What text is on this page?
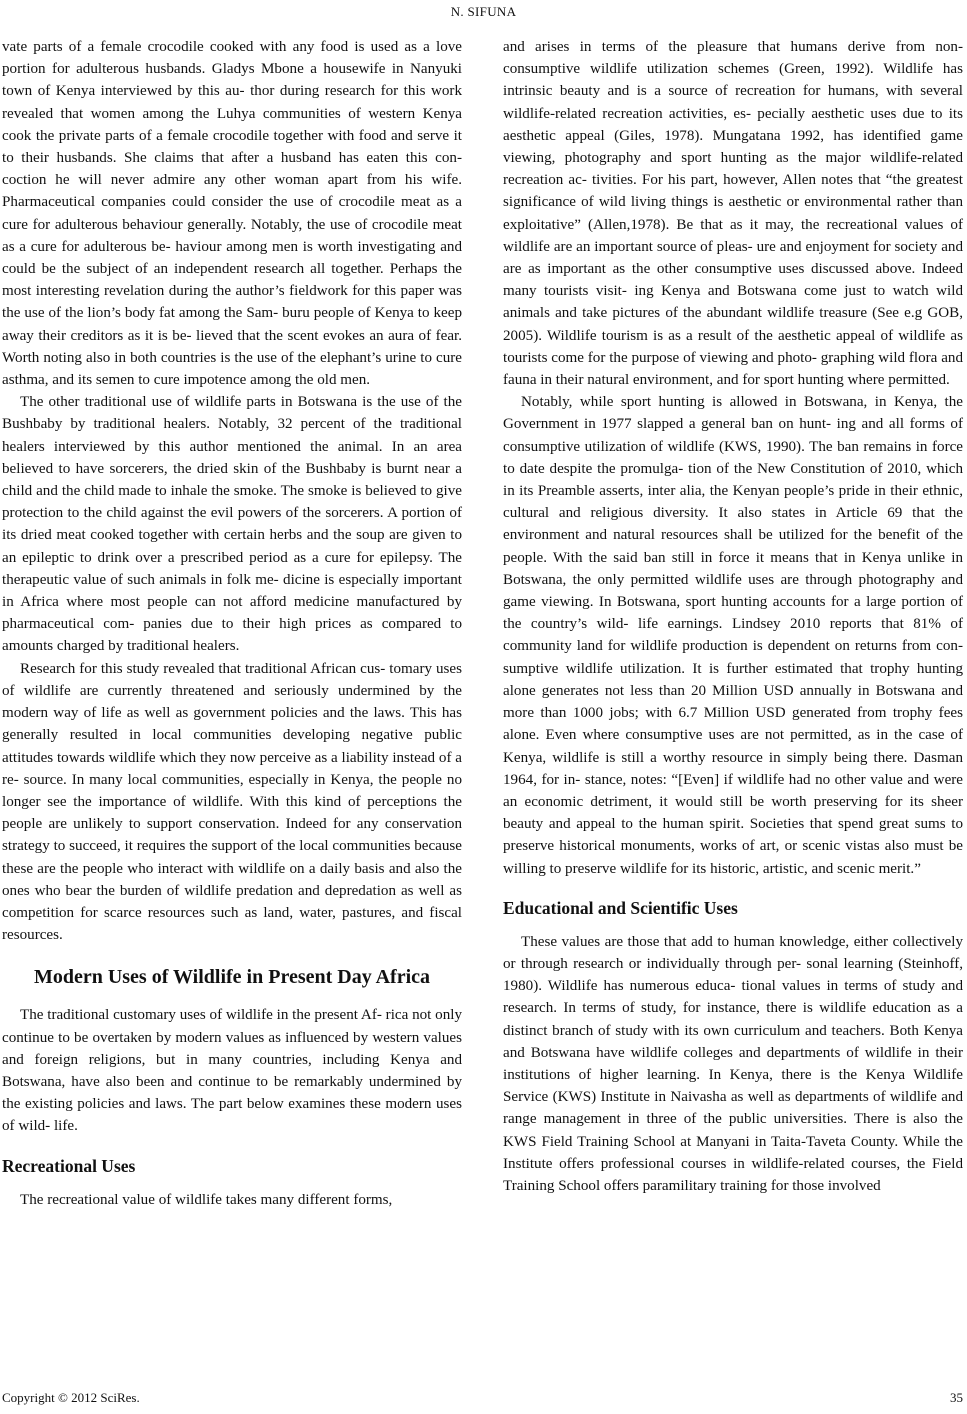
N. SIFUNA

vate parts of a female crocodile cooked with any food is used as a love portion for adulterous husbands. Gladys Mbone a housewife in Nanyuki town of Kenya interviewed by this au- thor during research for this work revealed that women among the Luhya communities of western Kenya cook the private parts of a female crocodile together with food and serve it to their husbands. She claims that after a husband has eaten this con- coction he will never admire any other woman apart from his wife. Pharmaceutical companies could consider the use of crocodile meat as a cure for adulterous behaviour generally. Notably, the use of crocodile meat as a cure for adulterous be- haviour among men is worth investigating and could be the subject of an independent research all together. Perhaps the most interesting revelation during the author’s fieldwork for this paper was the use of the lion’s body fat among the Sam- buru people of Kenya to keep away their creditors as it is be- lieved that the scent evokes an aura of fear. Worth noting also in both countries is the use of the elephant’s urine to cure asthma, and its semen to cure impotence among the old men.

The other traditional use of wildlife parts in Botswana is the use of the Bushbaby by traditional healers. Notably, 32 percent of the traditional healers interviewed by this author mentioned the animal. In an area believed to have sorcerers, the dried skin of the Bushbaby is burnt near a child and the child made to inhale the smoke. The smoke is believed to give protection to the child against the evil powers of the sorcerers. A portion of its dried meat cooked together with certain herbs and the soup are given to an epileptic to drink over a prescribed period as a cure for epilepsy. The therapeutic value of such animals in folk me- dicine is especially important in Africa where most people can not afford medicine manufactured by pharmaceutical com- panies due to their high prices as compared to amounts charged by traditional healers.

Research for this study revealed that traditional African cus- tomary uses of wildlife are currently threatened and seriously undermined by the modern way of life as well as government policies and the laws. This has generally resulted in local communities developing negative public attitudes towards wildlife which they now perceive as a liability instead of a re- source. In many local communities, especially in Kenya, the people no longer see the importance of wildlife. With this kind of perceptions the people are unlikely to support conservation. Indeed for any conservation strategy to succeed, it requires the support of the local communities because these are the people who interact with wildlife on a daily basis and also the ones who bear the burden of wildlife predation and depredation as well as competition for scarce resources such as land, water, pastures, and fiscal resources.

Modern Uses of Wildlife in Present Day Africa

The traditional customary uses of wildlife in the present Af- rica not only continue to be overtaken by modern values as influenced by western values and foreign religions, but in many countries, including Kenya and Botswana, have also been and continue to be remarkably undermined by the existing policies and laws. The part below examines these modern uses of wild- life.

Recreational Uses

The recreational value of wildlife takes many different forms,

and arises in terms of the pleasure that humans derive from non-consumptive wildlife utilization schemes (Green, 1992). Wildlife has intrinsic beauty and is a source of recreation for humans, with several wildlife-related recreation activities, es- pecially aesthetic uses due to its aesthetic appeal (Giles, 1978). Mungatana 1992, has identified game viewing, photography and sport hunting as the major wildlife-related recreation ac- tivities. For his part, however, Allen notes that “the greatest significance of wild living things is aesthetic or environmental rather than exploitative” (Allen,1978). Be that as it may, the recreational values of wildlife are an important source of pleas- ure and enjoyment for society and are as important as the other consumptive uses discussed above. Indeed many tourists visit- ing Kenya and Botswana come just to watch wild animals and take pictures of the abundant wildlife treasure (See e.g GOB, 2005). Wildlife tourism is as a result of the aesthetic appeal of wildlife as tourists come for the purpose of viewing and photo- graphing wild flora and fauna in their natural environment, and for sport hunting where permitted.

Notably, while sport hunting is allowed in Botswana, in Kenya, the Government in 1977 slapped a general ban on hunt- ing and all forms of consumptive utilization of wildlife (KWS, 1990). The ban remains in force to date despite the promulga- tion of the New Constitution of 2010, which in its Preamble asserts, inter alia, the Kenyan people’s pride in their ethnic, cultural and religious diversity. It also states in Article 69 that the environment and natural resources shall be utilized for the benefit of the people. With the said ban still in force it means that in Kenya unlike in Botswana, the only permitted wildlife uses are through photography and game viewing. In Botswana, sport hunting accounts for a large portion of the country’s wild- life earnings. Lindsey 2010 reports that 81% of community land for wildlife production is dependent on returns from con- sumptive wildlife utilization. It is further estimated that trophy hunting alone generates not less than 20 Million USD annually in Botswana and more than 1000 jobs; with 6.7 Million USD generated from trophy fees alone. Even where consumptive uses are not permitted, as in the case of Kenya, wildlife is still a worthy resource in simply being there. Dasman 1964, for in- stance, notes: “[Even] if wildlife had no other value and were an economic detriment, it would still be worth preserving for its sheer beauty and appeal to the human spirit. Societies that spend great sums to preserve historical monuments, works of art, or scenic vistas also must be willing to preserve wildlife for its historic, artistic, and scenic merit.”

Educational and Scientific Uses

These values are those that add to human knowledge, either collectively or through research or individually through per- sonal learning (Steinhoff, 1980). Wildlife has numerous educa- tional values in terms of study and research. In terms of study, for instance, there is wildlife education as a distinct branch of study with its own curriculum and teachers. Both Kenya and Botswana have wildlife colleges and departments of wildlife in their institutions of higher learning. In Kenya, there is the Kenya Wildlife Service (KWS) Institute in Naivasha as well as departments of wildlife and range management in three of the public universities. There is also the KWS Field Training School at Manyani in Taita-Taveta County. While the Institute offers professional courses in wildlife-related courses, the Field Training School offers paramilitary training for those involved

Copyright © 2012 SciRes.	35
